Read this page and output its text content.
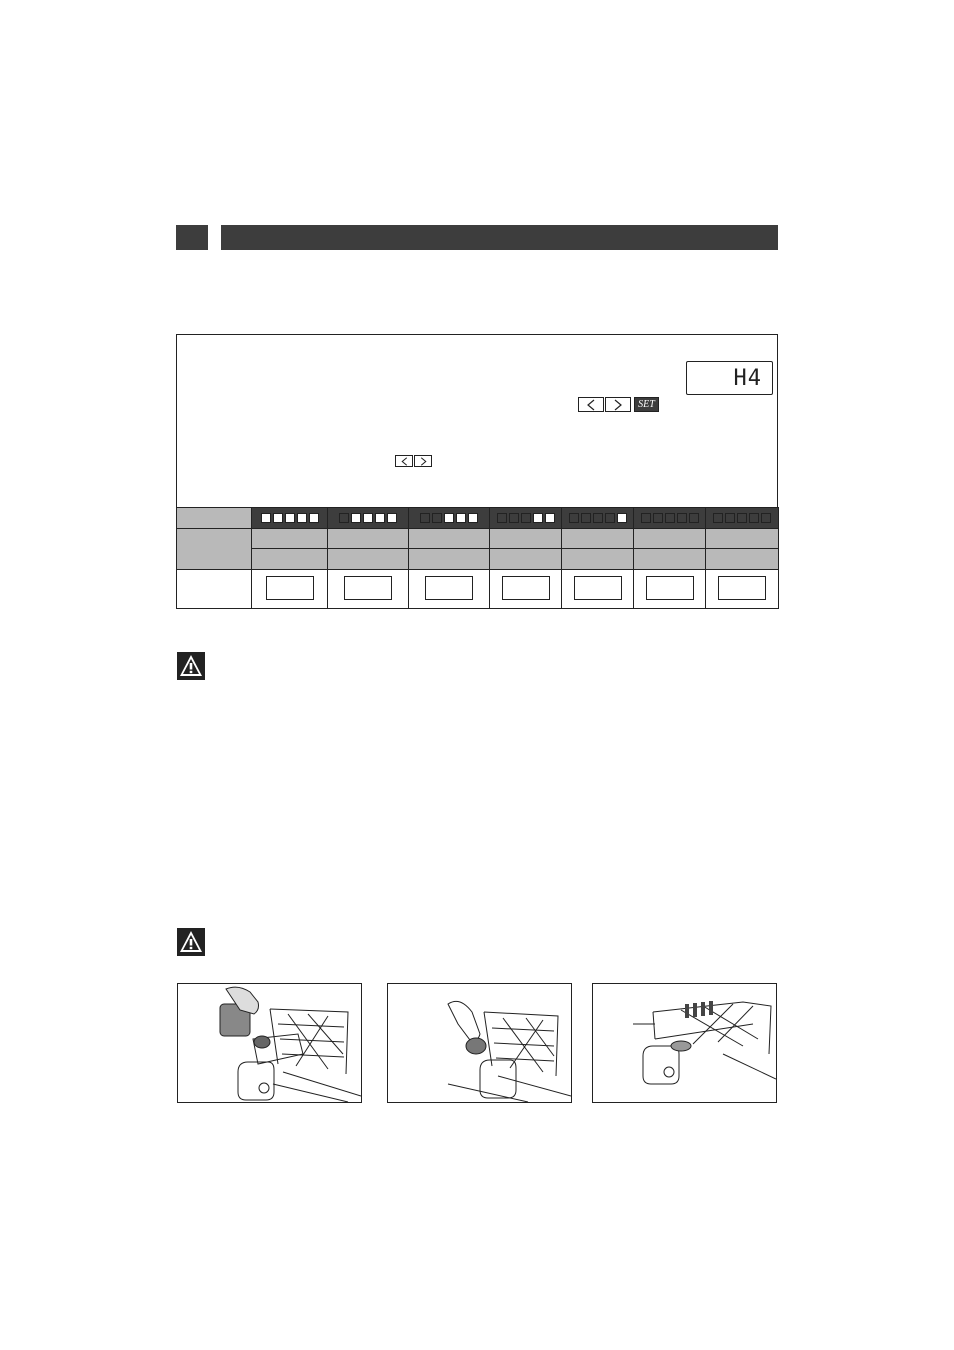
H4
SET
